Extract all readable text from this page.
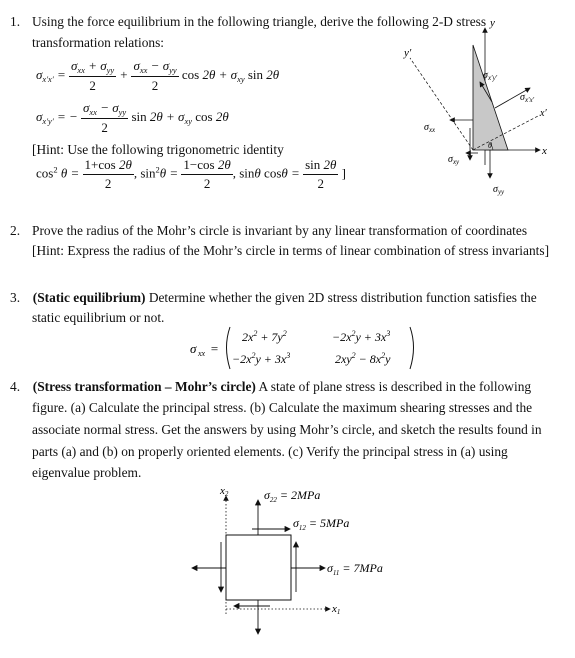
1. Using the force equilibrium in the following triangle, derive the following 2-D stress
transformation relations:
$\sigma_{x'x'}$ =
$\sigma_{xx} + \sigma_{yy}$
2
+
$\sigma_{xx} - \sigma_{yy}$
2
$\cos 2\theta + \sigma_{xy}$ sin 2θ
$\sigma_{x'y'}$ = −
$\sigma_{xx} - \sigma_{yy}$
2
$\sin 2\theta + \sigma_{xy}$ cos 2θ
[Hint: Use the following trigonometric identity
$\cos^2 \theta = \frac{1+\cos 2\theta}{2}$ , $\sin^2\theta = \frac{1-\cos 2\theta}{2}$ , sinθ $\cos\theta = \frac{\sin 2\theta}{2}$ ]
y
x
y′
x′
$\sigma_{x'x'}$
$\sigma_{x'y'}$
$\sigma_{xx}$
$\sigma_{xy}$
$\sigma_{yy}$
θ
2. Prove the radius of the Mohr’s circle is invariant by any linear transformation of coordinates
[Hint: Express the radius of the Mohr’s circle in terms of linear combination of stress invariants]
3. (Static equilibrium) Determine whether the given 2D stress distribution function satisfies the
static equilibrium or not.
σ xx =
$2x^2 + 7y^2$	$-2x^2y + 3x^3$
$-2x^2y + 3x^3$	$2xy^2 - 8x^2y$
4. (Stress transformation – Mohr’s circle) A state of plane stress is described in the following
figure. (a) Calculate the principal stress. (b) Calculate the maximum shearing stresses and the
associate normal stress. Get the answers by using Mohr’s circle, and sketch the results found in
parts (a) and (b) on properly oriented elements. (c) Verify the principal stress in (a) using
eigenvalue problem.
x2
x1
$\sigma_{22} = 2MPa$
$\sigma_{11} = 7MPa$
$\sigma_{12} = 5MPa$
